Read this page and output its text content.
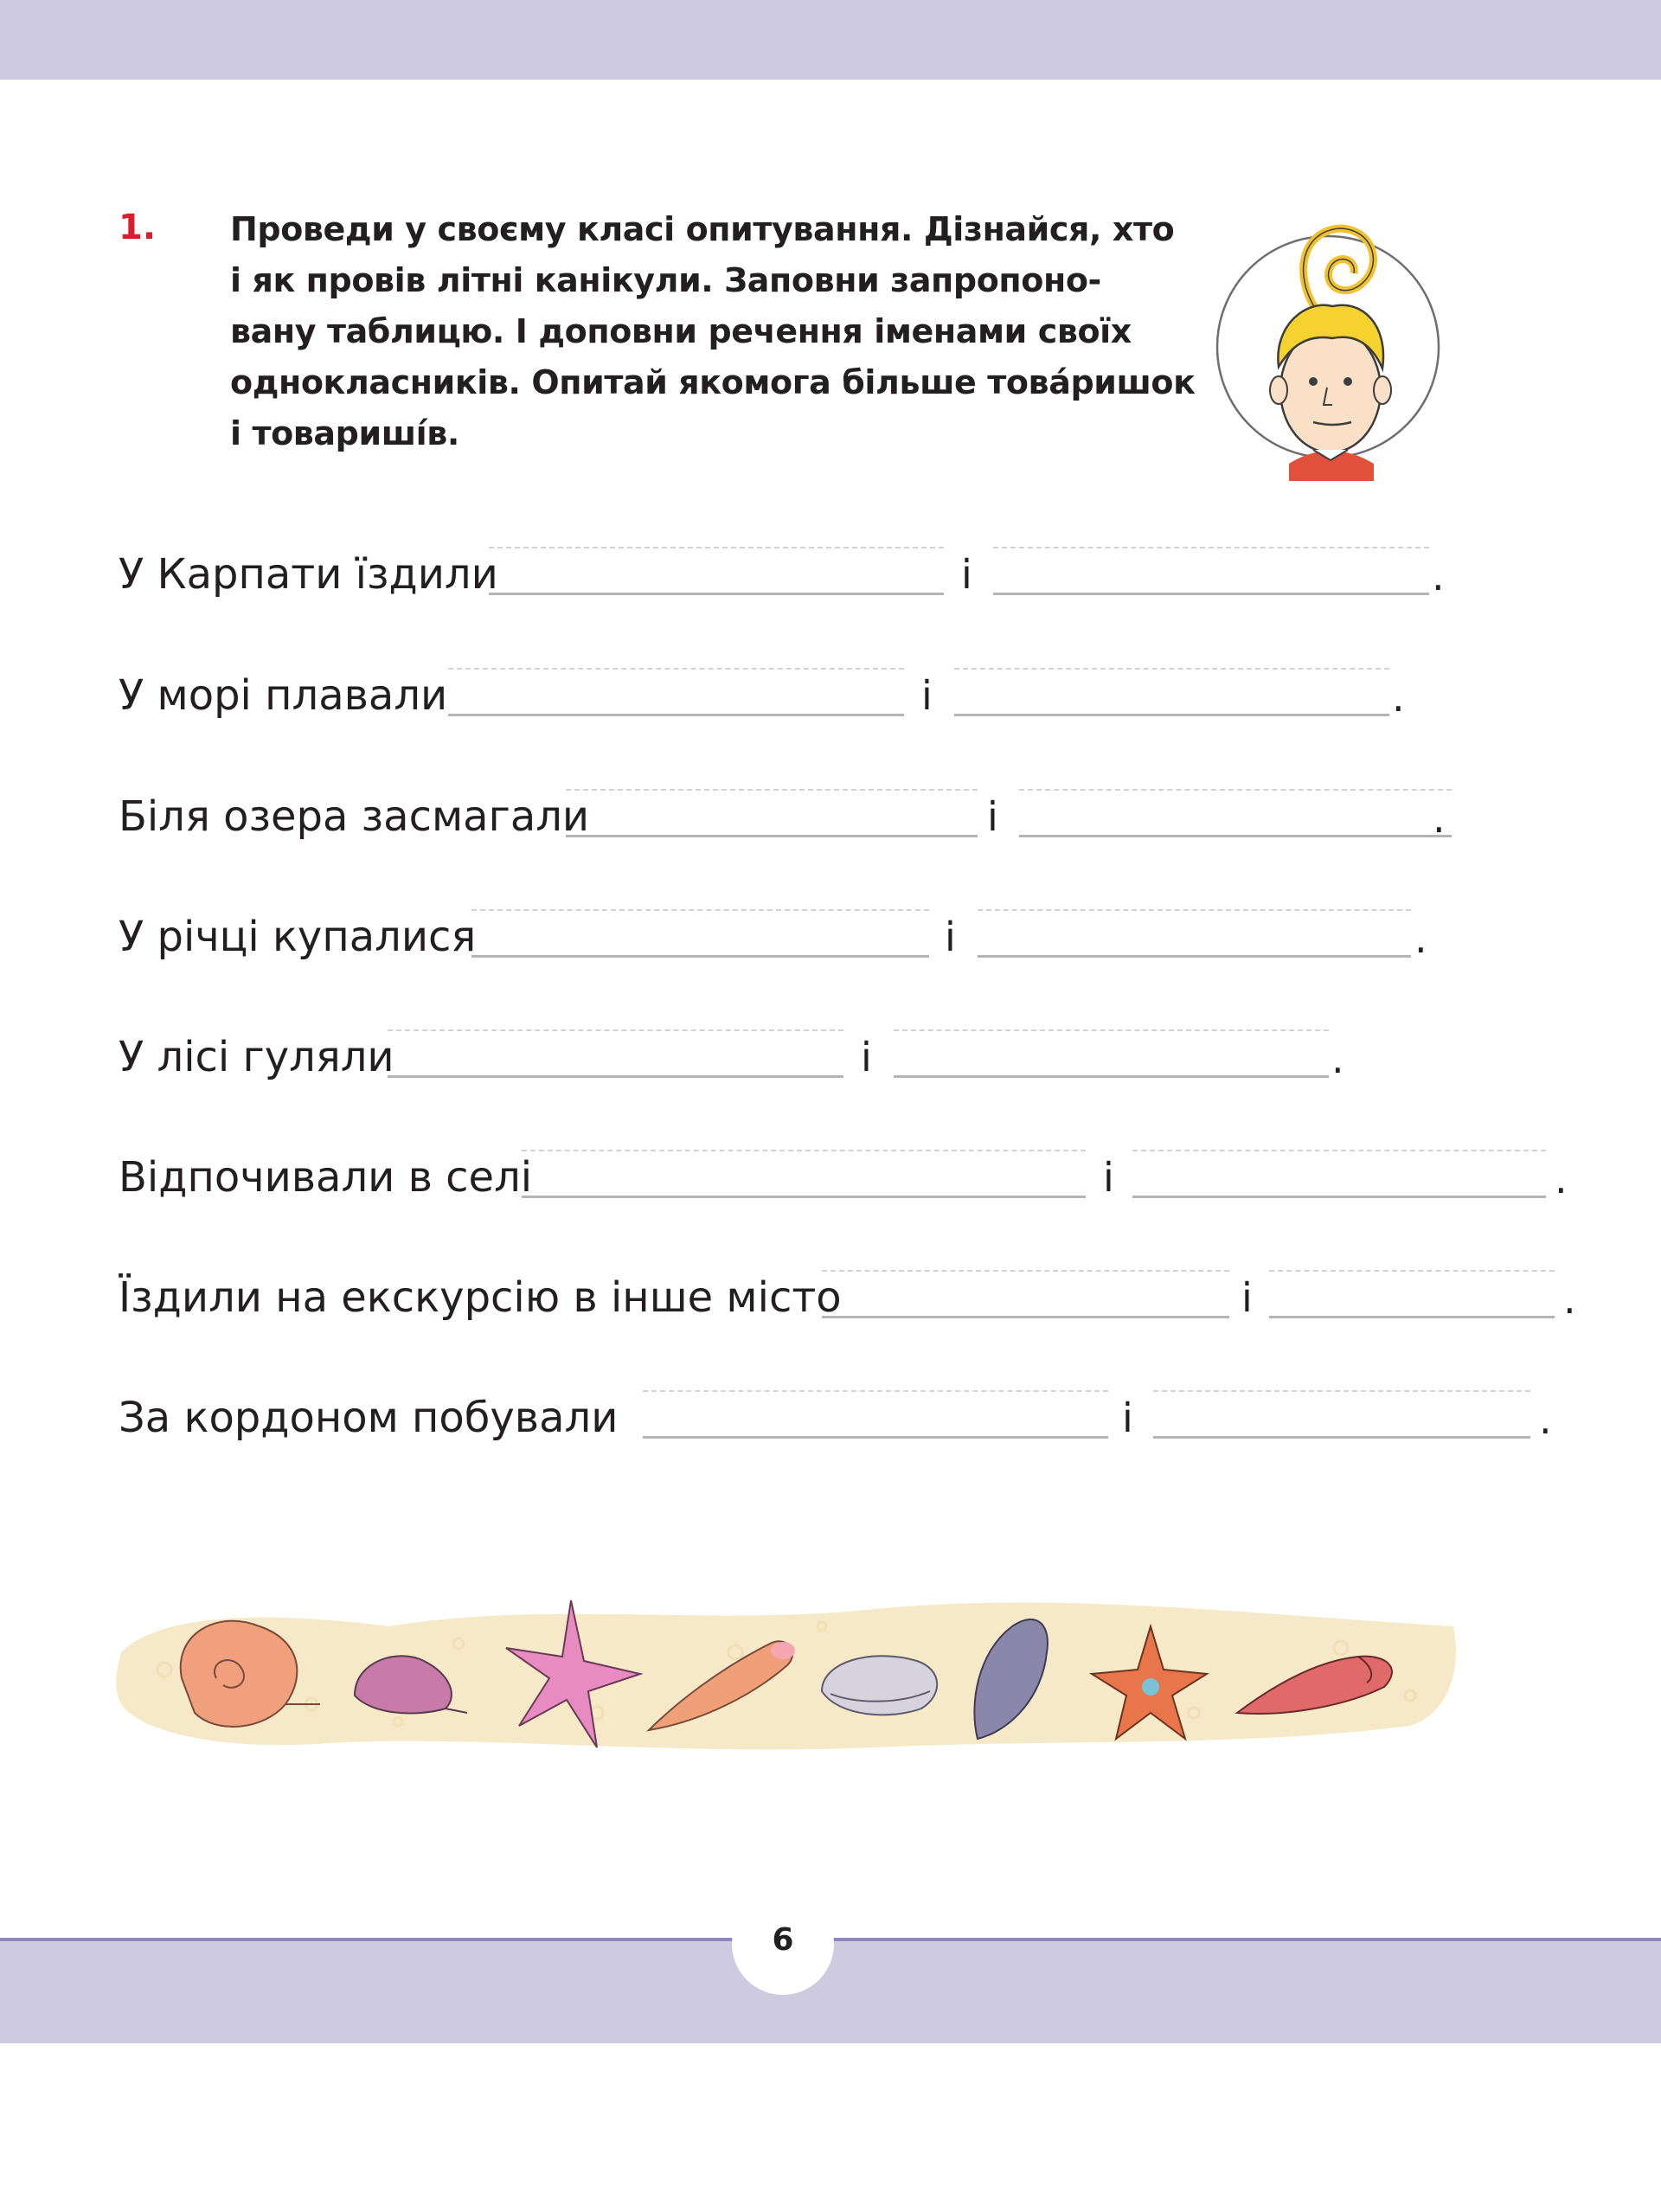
1. Проведи у своєму класі опитування. Дізнайся, хто
і як провів літні канікули. Заповни запропоно-
вану таблицю. І доповни речення іменами своїх
однокласників. Опитай якомога більше това́ришок
і товариші́в.
У Карпати їздили	і	.
У морі плавали	і	.
Біля озера засмагали	і	.
У річці купалися	і	.
У лісі гуляли	і	.
Відпочивали в селі	і	.
Їздили на екскурсію в інше місто	і	.
За кордоном побували	і	.
6
